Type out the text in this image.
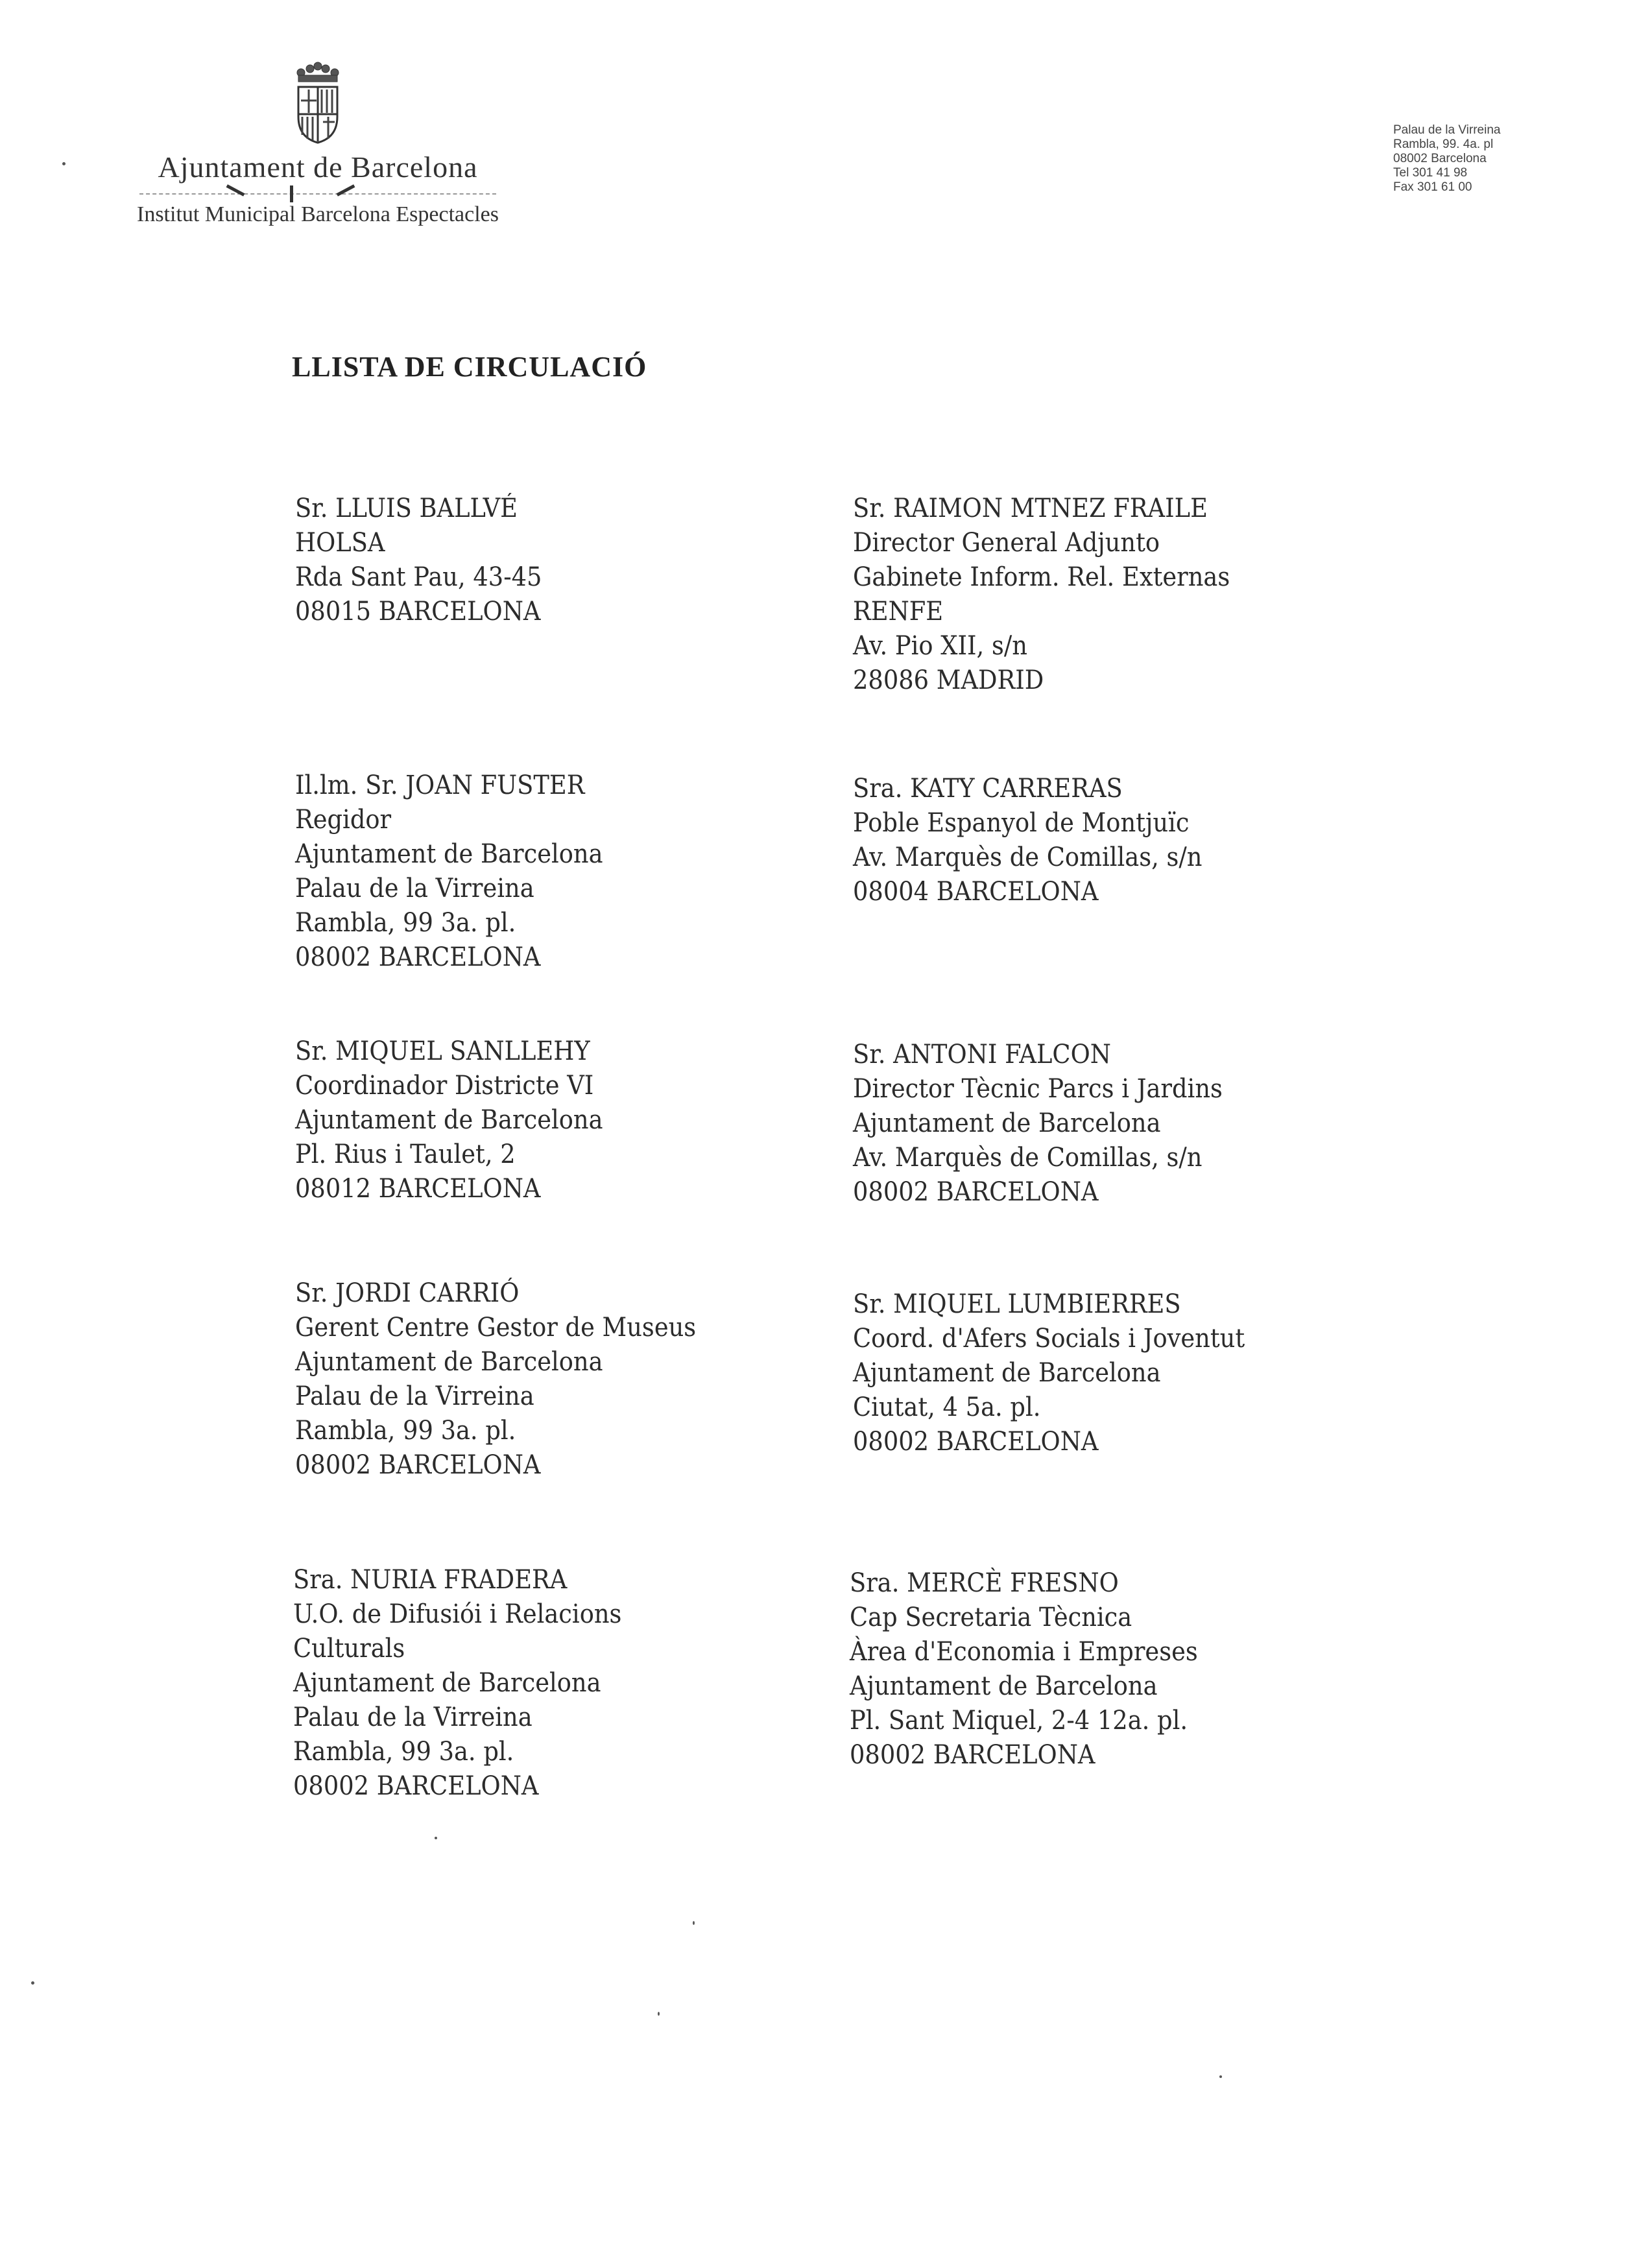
Ajuntament de Barcelona
Institut Municipal Barcelona Espectacles
Palau de la Virreina
Rambla, 99. 4a. pl
08002 Barcelona
Tel 301 41 98
Fax 301 61 00
LLISTA DE CIRCULACIÓ
Sr. LLUIS BALLVÉ
HOLSA
Rda Sant Pau, 43-45
08015 BARCELONA
Sr. RAIMON MTNEZ FRAILE
Director General Adjunto
Gabinete Inform. Rel. Externas
RENFE
Av. Pio XII, s/n
28086 MADRID
Il.lm. Sr. JOAN FUSTER
Regidor
Ajuntament de Barcelona
Palau de la Virreina
Rambla, 99 3a. pl.
08002 BARCELONA
Sra. KATY CARRERAS
Poble Espanyol de Montjuïc
Av. Marquès de Comillas, s/n
08004 BARCELONA
Sr. MIQUEL SANLLEHY
Coordinador Districte VI
Ajuntament de Barcelona
Pl. Rius i Taulet, 2
08012 BARCELONA
Sr. ANTONI FALCON
Director Tècnic Parcs i Jardins
Ajuntament de Barcelona
Av. Marquès de Comillas, s/n
08002 BARCELONA
Sr. JORDI CARRIÓ
Gerent Centre Gestor de Museus
Ajuntament de Barcelona
Palau de la Virreina
Rambla, 99 3a. pl.
08002 BARCELONA
Sr. MIQUEL LUMBIERRES
Coord. d'Afers Socials i Joventut
Ajuntament de Barcelona
Ciutat, 4 5a. pl.
08002 BARCELONA
Sra. NURIA FRADERA
U.O. de Difusiói i Relacions
Culturals
Ajuntament de Barcelona
Palau de la Virreina
Rambla, 99 3a. pl.
08002 BARCELONA
Sra. MERCÈ FRESNO
Cap Secretaria Tècnica
Àrea d'Economia i Empreses
Ajuntament de Barcelona
Pl. Sant Miquel, 2-4 12a. pl.
08002 BARCELONA
